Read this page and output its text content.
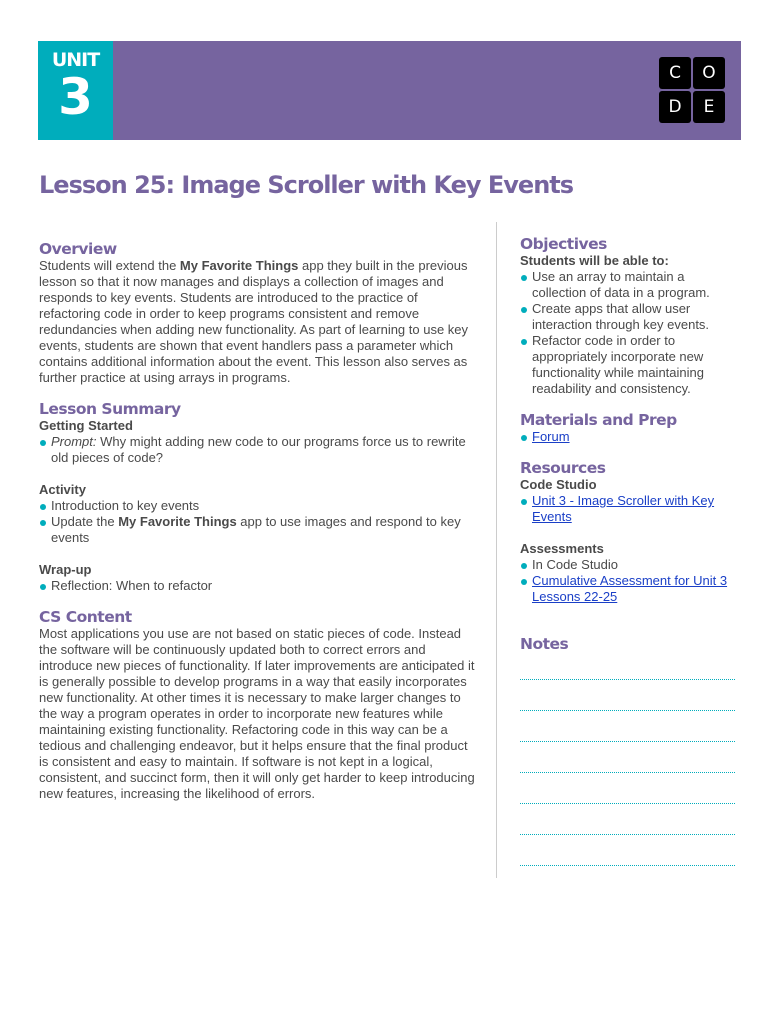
UNIT
3	C	O
D	E
Lesson 25: Image Scroller with Key Events
Overview

Students will extend the My Favorite Things app they built in the previous lesson so that it now manages and displays a collection of images and responds to key events. Students are introduced to the practice of refactoring code in order to keep programs consistent and remove redundancies when adding new functionality. As part of learning to use key events, students are shown that event handlers pass a parameter which contains additional information about the event. This lesson also serves as further practice at using arrays in programs.

Lesson Summary
Getting Started
Prompt: Why might adding new code to our programs force us to rewrite old pieces of code?
Activity
Introduction to key events
Update the My Favorite Things app to use images and respond to key events
Wrap-up
Reflection: When to refactor
CS Content

Most applications you use are not based on static pieces of code. Instead the software will be continuously updated both to correct errors and introduce new pieces of functionality. If later improvements are anticipated it is generally possible to develop programs in a way that easily incorporates new functionality. At other times it is necessary to make larger changes to the way a program operates in order to incorporate new features while maintaining existing functionality. Refactoring code in this way can be a tedious and challenging endeavor, but it helps ensure that the final product is consistent and easy to maintain. If software is not kept in a logical, consistent, and succinct form, then it will only get harder to keep introducing new features, increasing the likelihood of errors.

Objectives
Students will be able to:
Use an array to maintain a collection of data in a program.
Create apps that allow user interaction through key events.
Refactor code in order to appropriately incorporate new functionality while maintaining readability and consistency.
Materials and Prep
Forum
Resources
Code Studio
Unit 3 - Image Scroller with Key Events
Assessments
In Code Studio
Cumulative Assessment for Unit 3 Lessons 22-25
Notes
